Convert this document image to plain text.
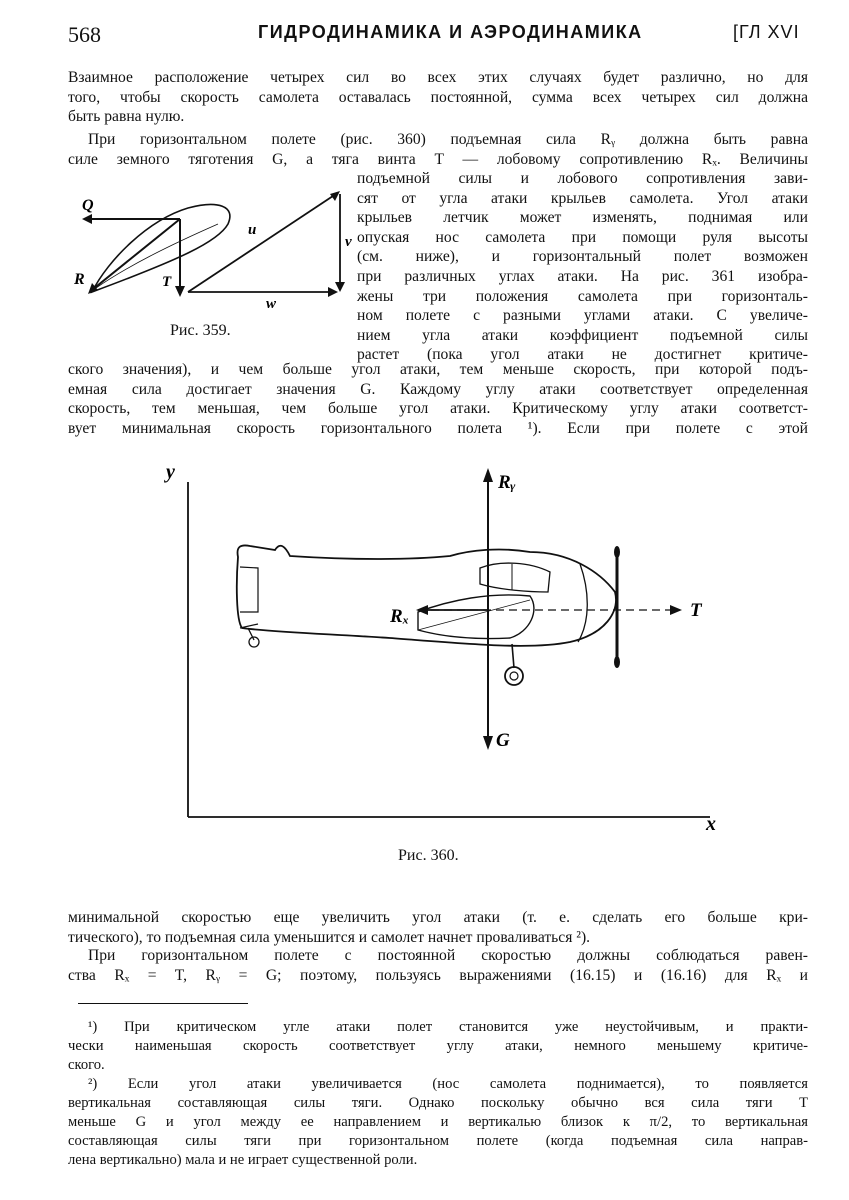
568	ГИДРОДИНАМИКА И АЭРОДИНАМИКА	[ГЛ XVI
Взаимное расположение четырех сил во всех этих случаях будет различно, но для
того, чтобы скорость самолета оставалась постоянной, сумма всех четырех сил должна
быть равна нулю.
При горизонтальном полете (рис. 360) подъемная сила Rᵧ должна быть равна
силе земного тяготения G, а тяга винта T — лобовому сопротивлению Rₓ. Величины
подъемной силы и лобового сопротивления зави-
сят от угла атаки крыльев самолета. Угол атаки
крыльев летчик может изменять, поднимая или
опуская нос самолета при помощи руля высоты
(см. ниже), и горизонтальный полет возможен
при различных углах атаки. На рис. 361 изобра-
жены три положения самолета при горизонталь-
ном полете с разными углами атаки. С увеличе-
нием угла атаки коэффициент подъемной силы
растет (пока угол атаки не достигнет критиче-
Q
R	T
u
v
w
Рис. 359.
ского значения), и чем больше угол атаки, тем меньше скорость, при которой подъ-
емная сила достигает значения G. Каждому углу атаки соответствует определенная
скорость, тем меньшая, чем больше угол атаки. Критическому углу атаки соответст-
вует минимальная скорость горизонтального полета ¹). Если при полете с этой
y
x
Rᵧ
Rₓ	T
G
Рис. 360.
минимальной скоростью еще увеличить угол атаки (т. е. сделать его больше кри-
тического), то подъемная сила уменьшится и самолет начнет проваливаться ²).
При горизонтальном полете с постоянной скоростью должны соблюдаться равен-
ства Rₓ = T, Rᵧ = G; поэтому, пользуясь выражениями (16.15) и (16.16) для Rₓ и
¹) При критическом угле атаки полет становится уже неустойчивым, и практи-
чески наименьшая скорость соответствует углу атаки, немного меньшему критиче-
ского.
²) Если угол атаки увеличивается (нос самолета поднимается), то появляется
вертикальная составляющая силы тяги. Однако поскольку обычно вся сила тяги T
меньше G и угол между ее направлением и вертикалью близок к π/2, то вертикальная
составляющая силы тяги при горизонтальном полете (когда подъемная сила направ-
лена вертикально) мала и не играет существенной роли.
